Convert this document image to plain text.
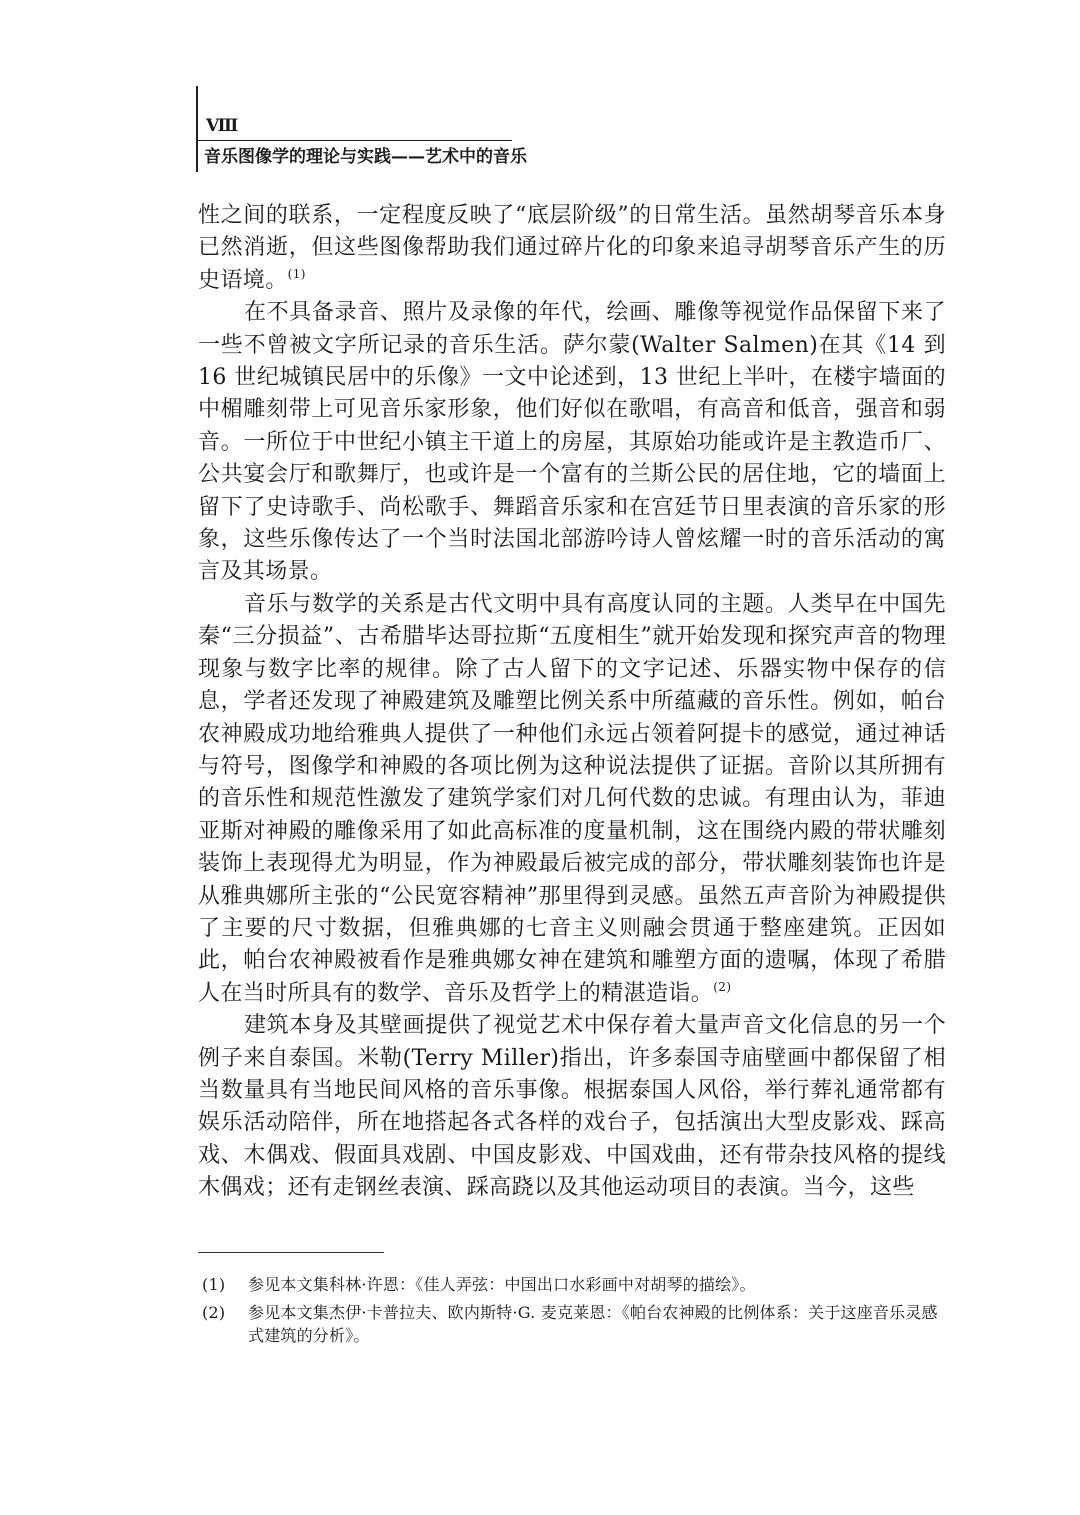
Ⅷ
音乐图像学的理论与实践——艺术中的音乐

性之间的联系，一定程度反映了“底层阶级”的日常生活。虽然胡琴音乐本身已然消逝，但这些图像帮助我们通过碎片化的印象来追寻胡琴音乐产生的历史语境。$^{(1)}$

在不具备录音、照片及录像的年代，绘画、雕像等视觉作品保留下来了一些不曾被文字所记录的音乐生活。萨尔蒙(Walter Salmen)在其《14 到 16 世纪城镇民居中的乐像》一文中论述到，13 世纪上半叶，在楼宇墙面的中楣雕刻带上可见音乐家形象，他们好似在歌唱，有高音和低音，强音和弱音。一所位于中世纪小镇主干道上的房屋，其原始功能或许是主教造币厂、公共宴会厅和歌舞厅，也或许是一个富有的兰斯公民的居住地，它的墙面上留下了史诗歌手、尚松歌手、舞蹈音乐家和在宫廷节日里表演的音乐家的形象，这些乐像传达了一个当时法国北部游吟诗人曾炫耀一时的音乐活动的寓言及其场景。

音乐与数学的关系是古代文明中具有高度认同的主题。人类早在中国先秦“三分损益”、古希腊毕达哥拉斯“五度相生”就开始发现和探究声音的物理现象与数字比率的规律。除了古人留下的文字记述、乐器实物中保存的信息，学者还发现了神殿建筑及雕塑比例关系中所蕴藏的音乐性。例如，帕台农神殿成功地给雅典人提供了一种他们永远占领着阿提卡的感觉，通过神话与符号，图像学和神殿的各项比例为这种说法提供了证据。音阶以其所拥有的音乐性和规范性激发了建筑学家们对几何代数的忠诚。有理由认为，菲迪亚斯对神殿的雕像采用了如此高标准的度量机制，这在围绕内殿的带状雕刻装饰上表现得尤为明显，作为神殿最后被完成的部分，带状雕刻装饰也许是从雅典娜所主张的“公民宽容精神”那里得到灵感。虽然五声音阶为神殿提供了主要的尺寸数据，但雅典娜的七音主义则融会贯通于整座建筑。正因如此，帕台农神殿被看作是雅典娜女神在建筑和雕塑方面的遗嘱，体现了希腊人在当时所具有的数学、音乐及哲学上的精湛造诣。$^{(2)}$

建筑本身及其壁画提供了视觉艺术中保存着大量声音文化信息的另一个例子来自泰国。米勒(Terry Miller)指出，许多泰国寺庙壁画中都保留了相当数量具有当地民间风格的音乐事像。根据泰国人风俗，举行葬礼通常都有娱乐活动陪伴，所在地搭起各式各样的戏台子，包括演出大型皮影戏、踩高戏、木偶戏、假面具戏剧、中国皮影戏、中国戏曲，还有带杂技风格的提线木偶戏；还有走钢丝表演、踩高跷以及其他运动项目的表演。当今，这些

(1)	参见本文集科林·许恩：《佳人弄弦：中国出口水彩画中对胡琴的描绘》。
(2)	参见本文集杰伊·卡普拉夫、欧内斯特·G. 麦克莱恩：《帕台农神殿的比例体系：关于这座音乐灵感式建筑的分析》。
